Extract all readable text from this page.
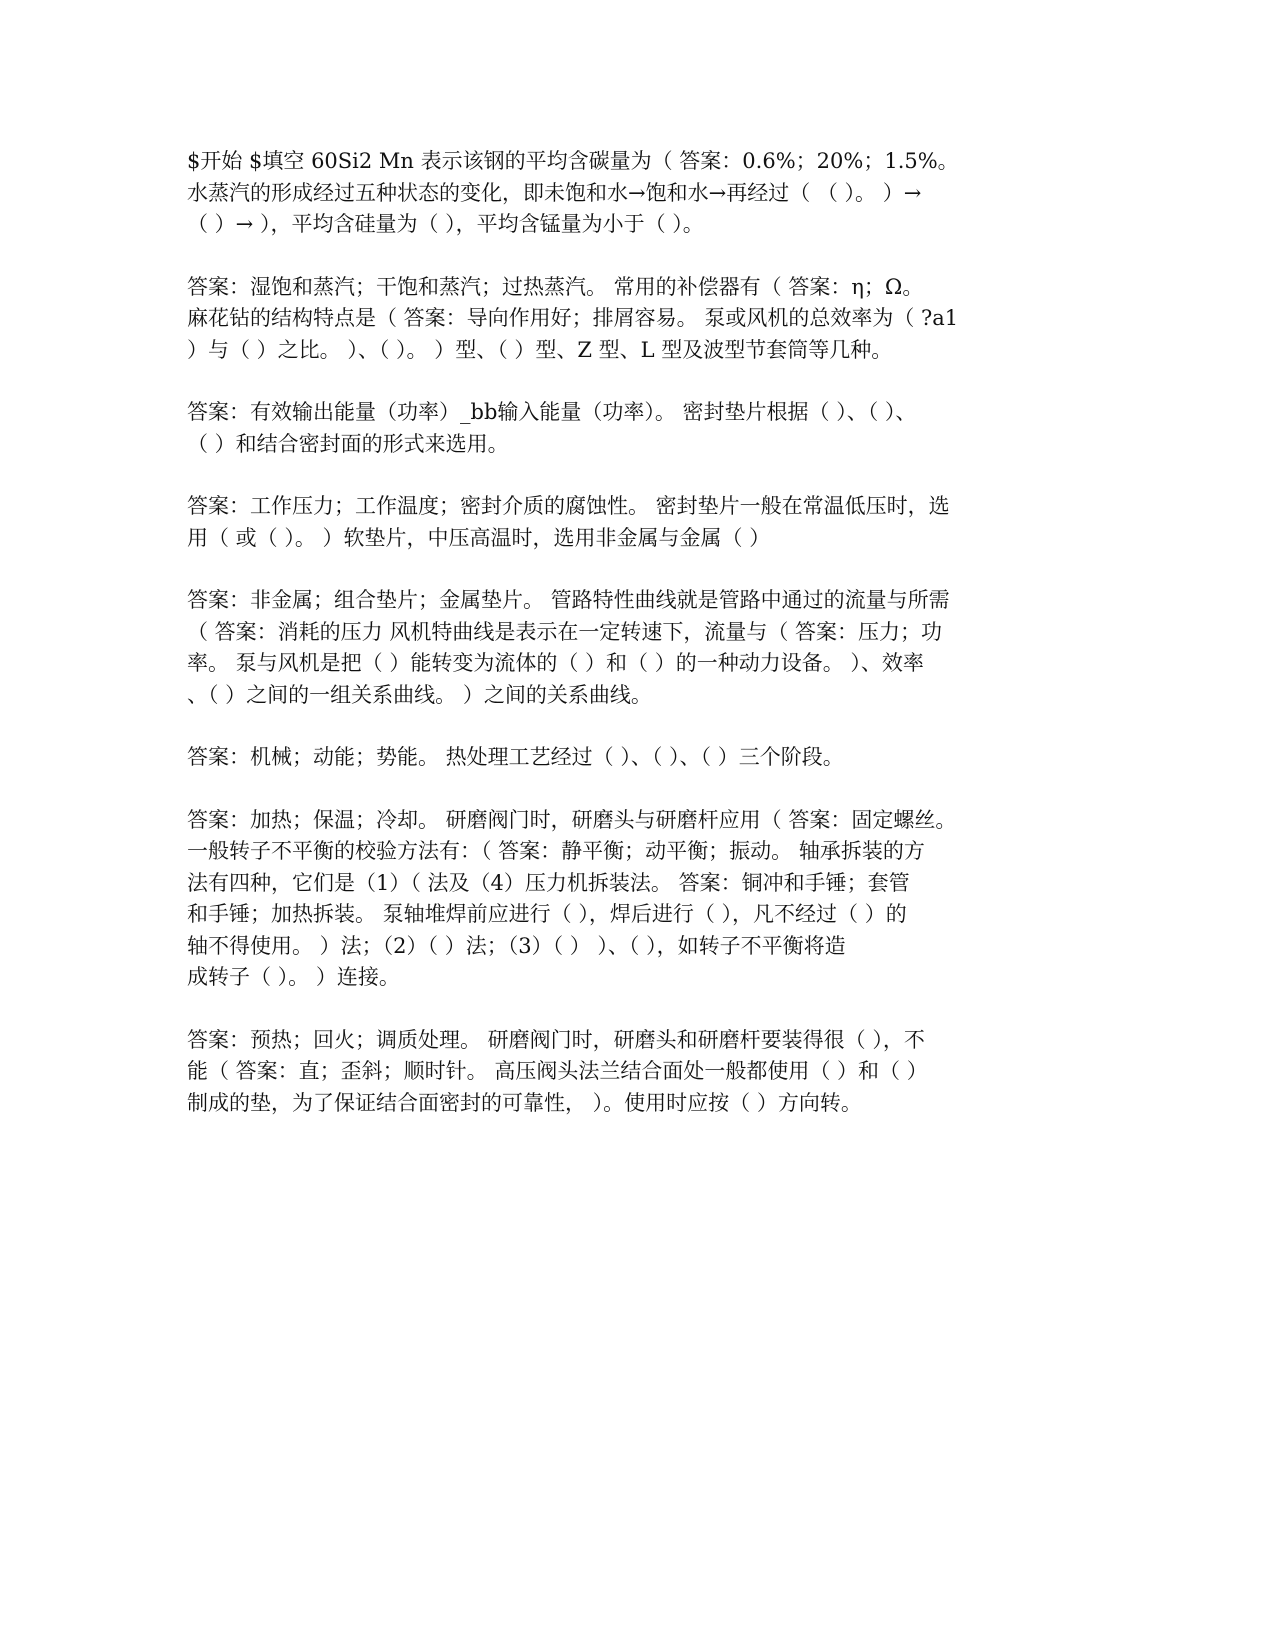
$开始 $填空 60Si2 Mn 表示该钢的平均含碳量为（ 答案：0.6%；20%；1.5%。
水蒸汽的形成经过五种状态的变化，即未饱和水→饱和水→再经过（ （ ）。 ）→
（ ）→ ），平均含硅量为（ ），平均含锰量为小于（ ）。
答案：湿饱和蒸汽；干饱和蒸汽；过热蒸汽。 常用的补偿器有（ 答案：η；Ω。
麻花钻的结构特点是（ 答案：导向作用好；排屑容易。 泵或风机的总效率为（ ?a1
）与（ ）之比。 ）、（ ）。 ）型、（ ）型、Z 型、L 型及波型节套筒等几种。
答案：有效输出能量（功率）_bb输入能量（功率）。 密封垫片根据（ ）、（ ）、
（ ）和结合密封面的形式来选用。
答案：工作压力；工作温度；密封介质的腐蚀性。 密封垫片一般在常温低压时，选
用（ 或（ ）。 ）软垫片，中压高温时，选用非金属与金属（ ）
答案：非金属；组合垫片；金属垫片。 管路特性曲线就是管路中通过的流量与所需
（ 答案：消耗的压力 风机特曲线是表示在一定转速下，流量与（ 答案：压力；功
率。 泵与风机是把（ ）能转变为流体的（ ）和（ ）的一种动力设备。 ）、效率
、（ ）之间的一组关系曲线。 ）之间的关系曲线。
答案：机械；动能；势能。 热处理工艺经过（ ）、（ ）、（ ）三个阶段。
答案：加热；保温；冷却。 研磨阀门时，研磨头与研磨杆应用（ 答案：固定螺丝。
一般转子不平衡的校验方法有：（ 答案：静平衡；动平衡；振动。 轴承拆装的方
法有四种，它们是（1）（ 法及（4）压力机拆装法。 答案：铜冲和手锤；套管
和手锤；加热拆装。 泵轴堆焊前应进行（ ），焊后进行（ ），凡不经过（ ）的
轴不得使用。 ）法；（2）（ ）法；（3）（ ） ）、（ ），如转子不平衡将造
成转子（ ）。 ）连接。
答案：预热；回火；调质处理。 研磨阀门时，研磨头和研磨杆要装得很（ ），不
能（ 答案：直；歪斜；顺时针。 高压阀头法兰结合面处一般都使用（ ）和（ ）
制成的垫，为了保证结合面密封的可靠性， ）。使用时应按（ ）方向转。
